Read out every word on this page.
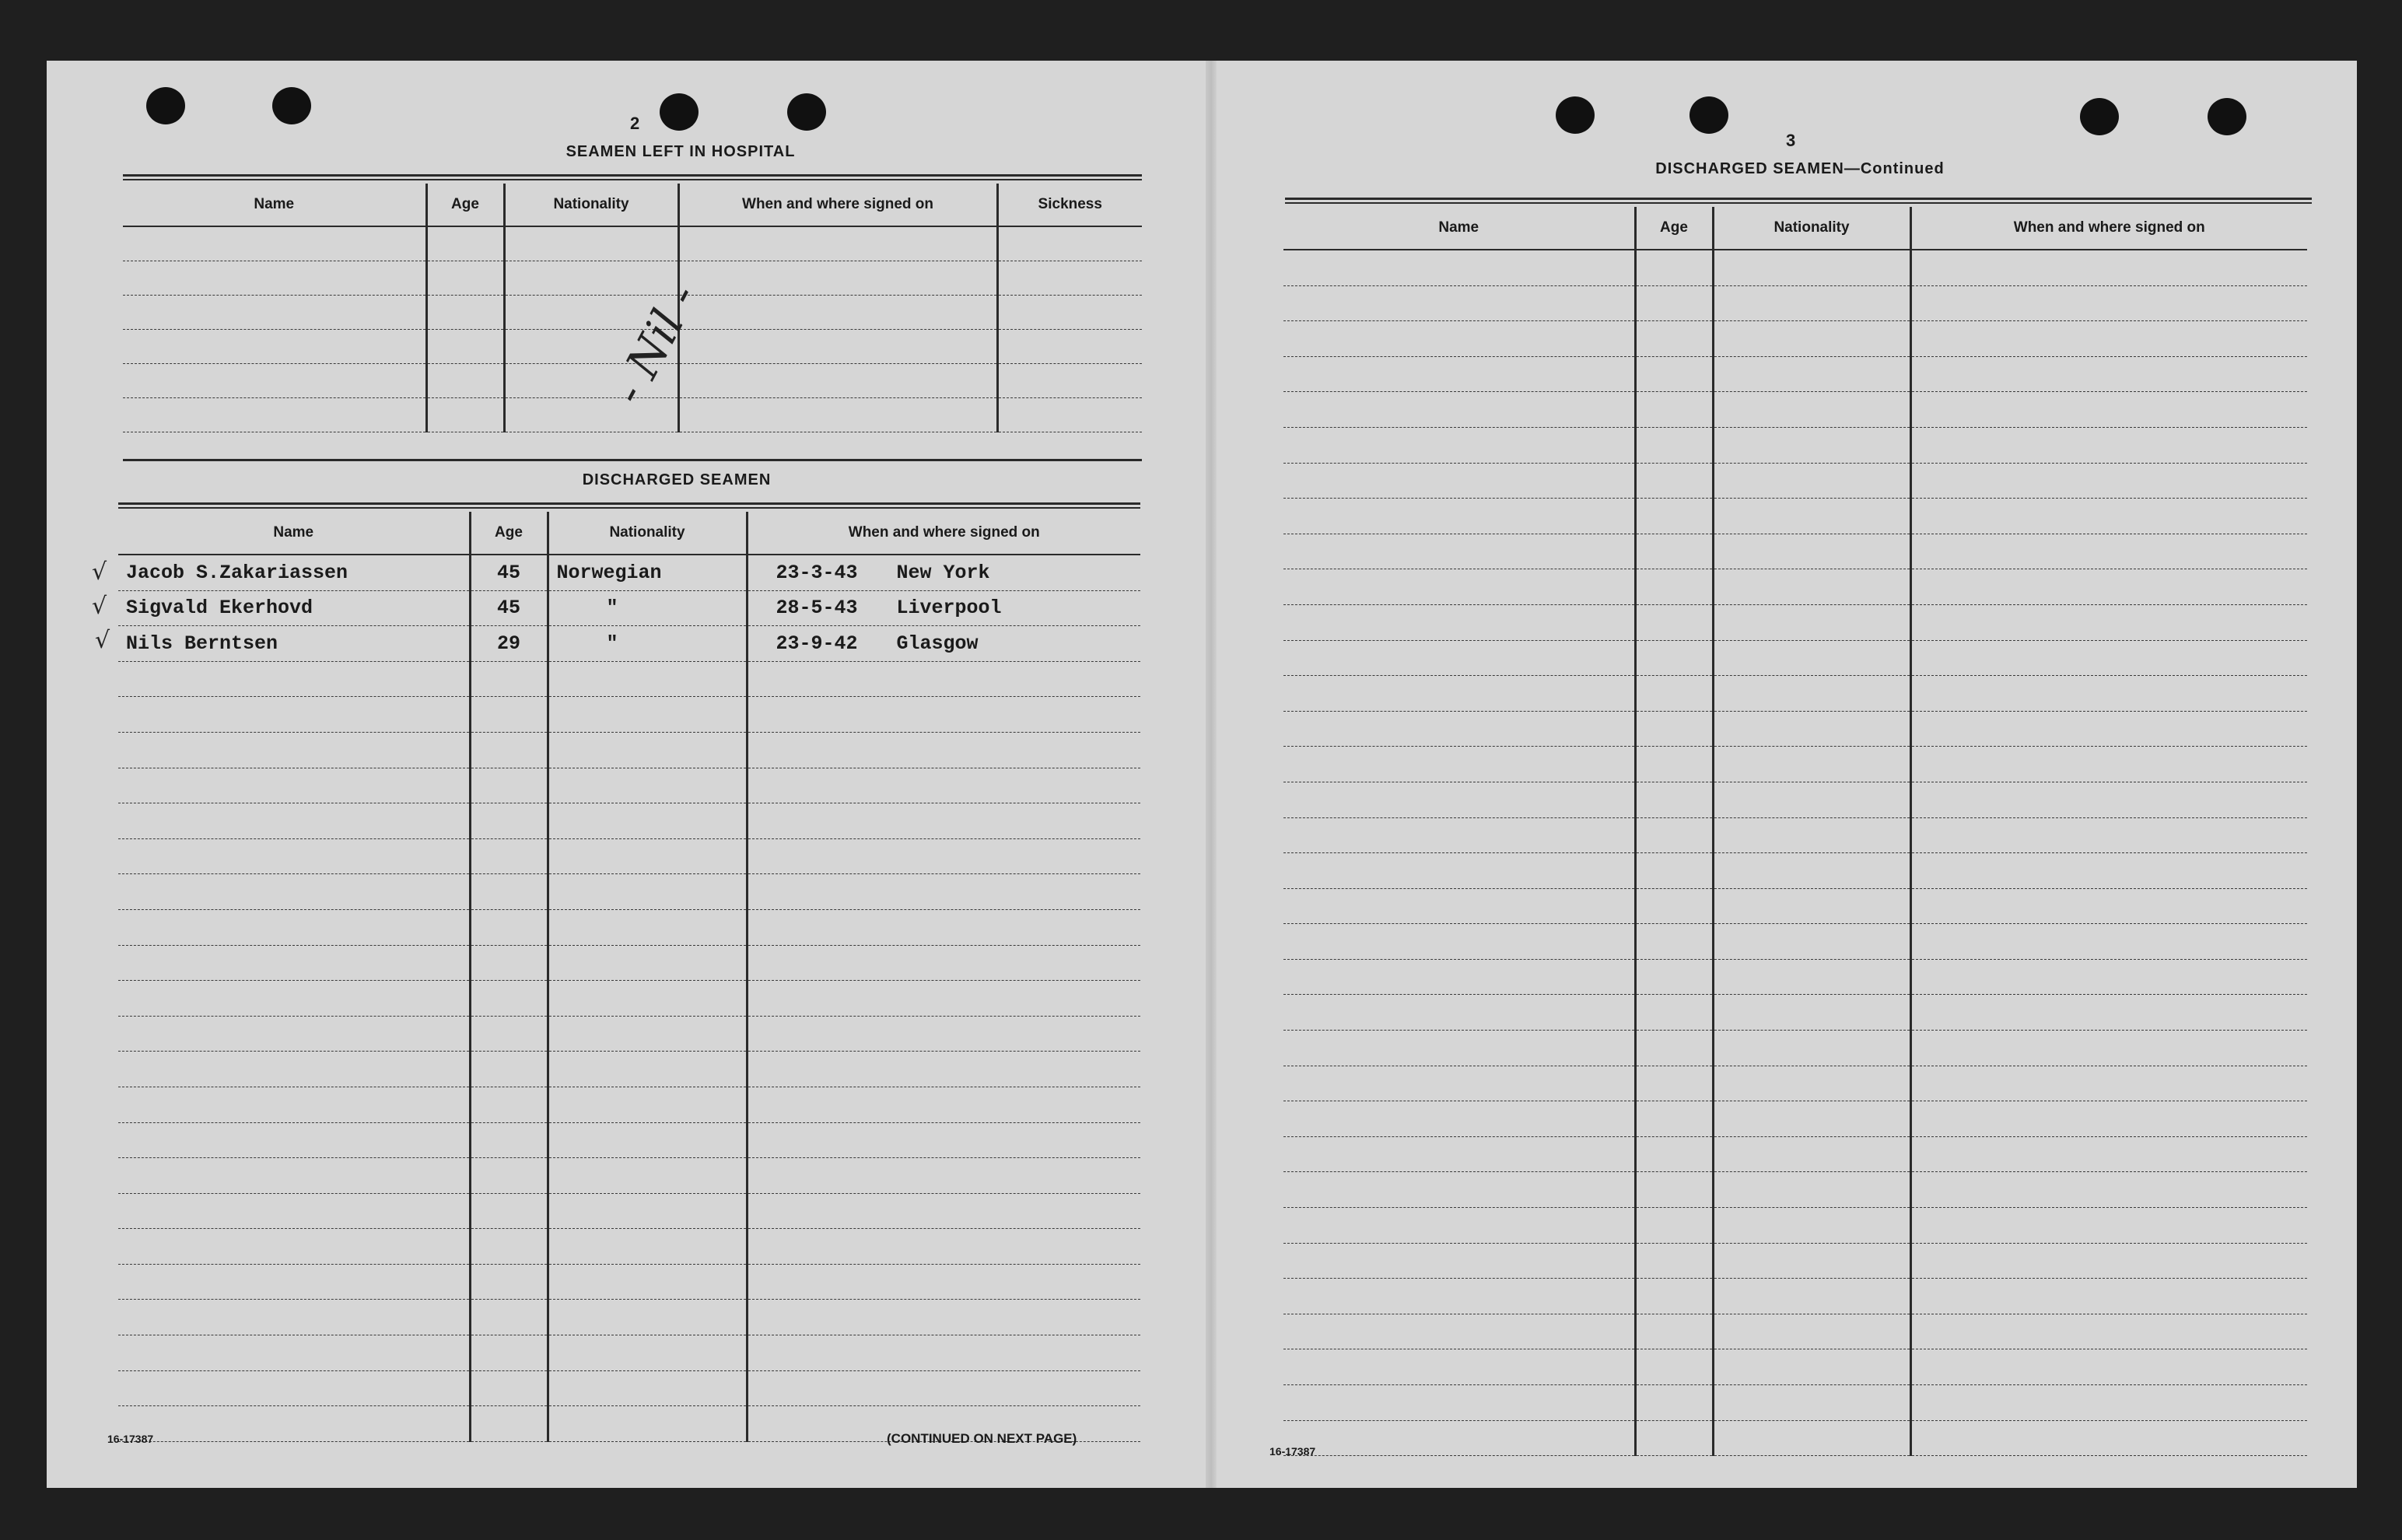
2
SEAMEN LEFT IN HOSPITAL
Name	Age	Nationality	When and where signed on	Sickness

- Nil -
DISCHARGED SEAMEN
Name	Age	Nationality	When and where signed on
Jacob S.Zakariassen	45	Norwegian	23-3-43 New York
Sigvald Ekerhovd	45	"	28-5-43 Liverpool
Nils Berntsen	29	"	23-9-42 Glasgow

√
√
√
16-17387	(CONTINUED ON NEXT PAGE)
3
DISCHARGED SEAMEN—Continued
Name	Age	Nationality	When and where signed on

16-17387
